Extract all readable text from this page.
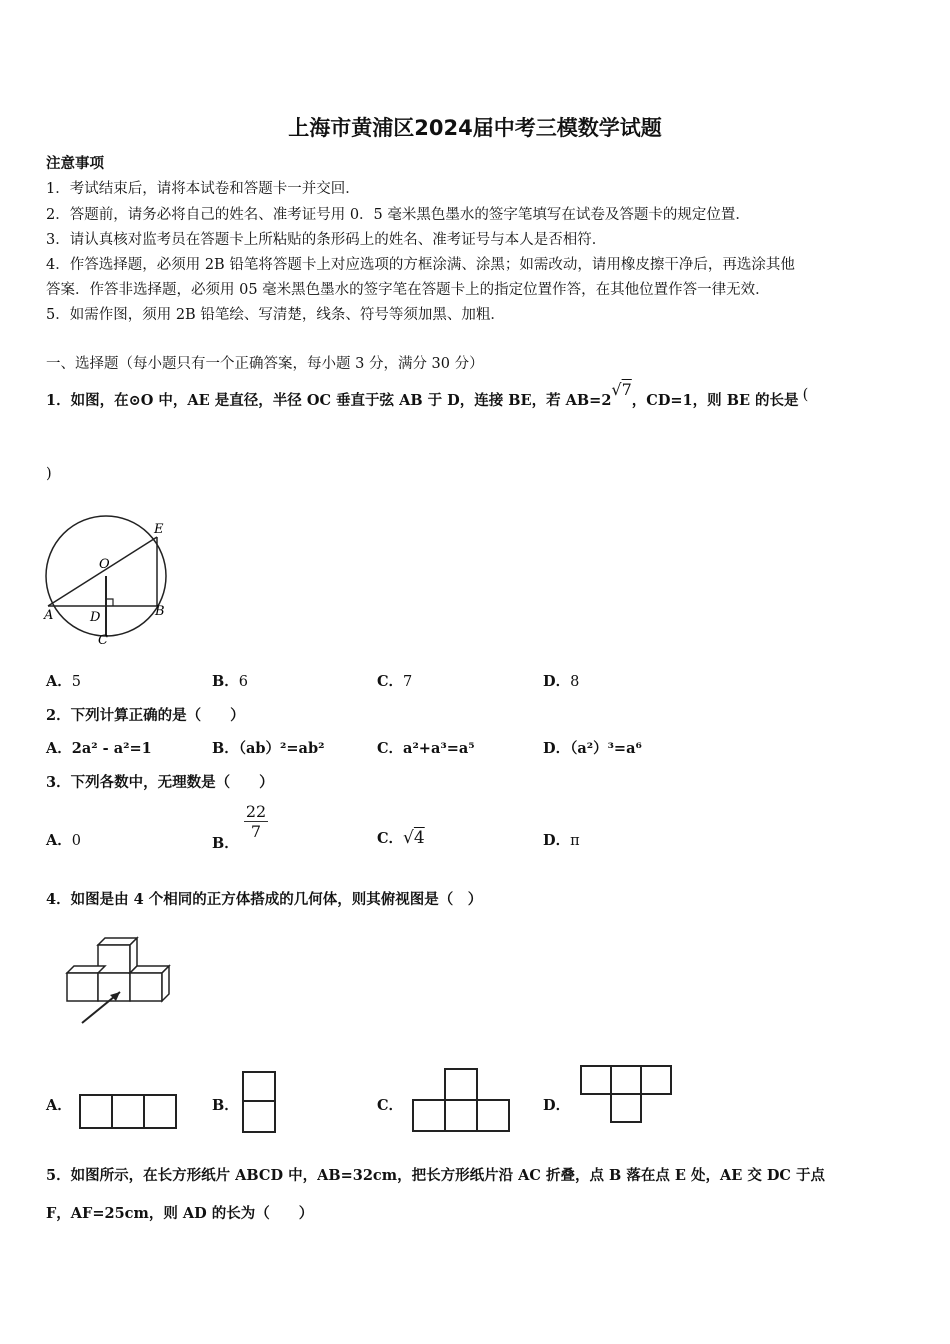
上海市黄浦区2024届中考三模数学试题
注意事项
1．考试结束后，请将本试卷和答题卡一并交回．
2．答题前，请务必将自己的姓名、准考证号用 0．5 毫米黑色墨水的签字笔填写在试卷及答题卡的规定位置．
3．请认真核对监考员在答题卡上所粘贴的条形码上的姓名、准考证号与本人是否相符．
4．作答选择题，必须用 2B 铅笔将答题卡上对应选项的方框涂满、涂黑；如需改动，请用橡皮擦干净后，再选涂其他
答案．作答非选择题，必须用 05 毫米黑色墨水的签字笔在答题卡上的指定位置作答，在其他位置作答一律无效．
5．如需作图，须用 2B 铅笔绘、写清楚，线条、符号等须加黑、加粗．
一、选择题（每小题只有一个正确答案，每小题 3 分，满分 30 分）
1．如图，在⊙O 中，AE 是直径，半径 OC 垂直于弦 AB 于 D，连接 BE，若 AB=2√7，CD=1，则 BE 的长是 (
)
E
O
A	D	B
C
A．5	B．6	C．7	D．8
2．下列计算正确的是（　　）
A．2a² - a²=1	B．（ab）²=ab²	C．a²+a³=a⁵	D．（a²）³=a⁶
3．下列各数中，无理数是（　　）
A．0	B．
$\frac{22}{7}$	C．√4	D．π
4．如图是由 4 个相同的正方体搭成的几何体，则其俯视图是（　）
A．	B．	C．	D．
5．如图所示，在长方形纸片 ABCD 中，AB=32cm，把长方形纸片沿 AC 折叠，点 B 落在点 E 处，AE 交 DC 于点
F，AF=25cm，则 AD 的长为（　　）
